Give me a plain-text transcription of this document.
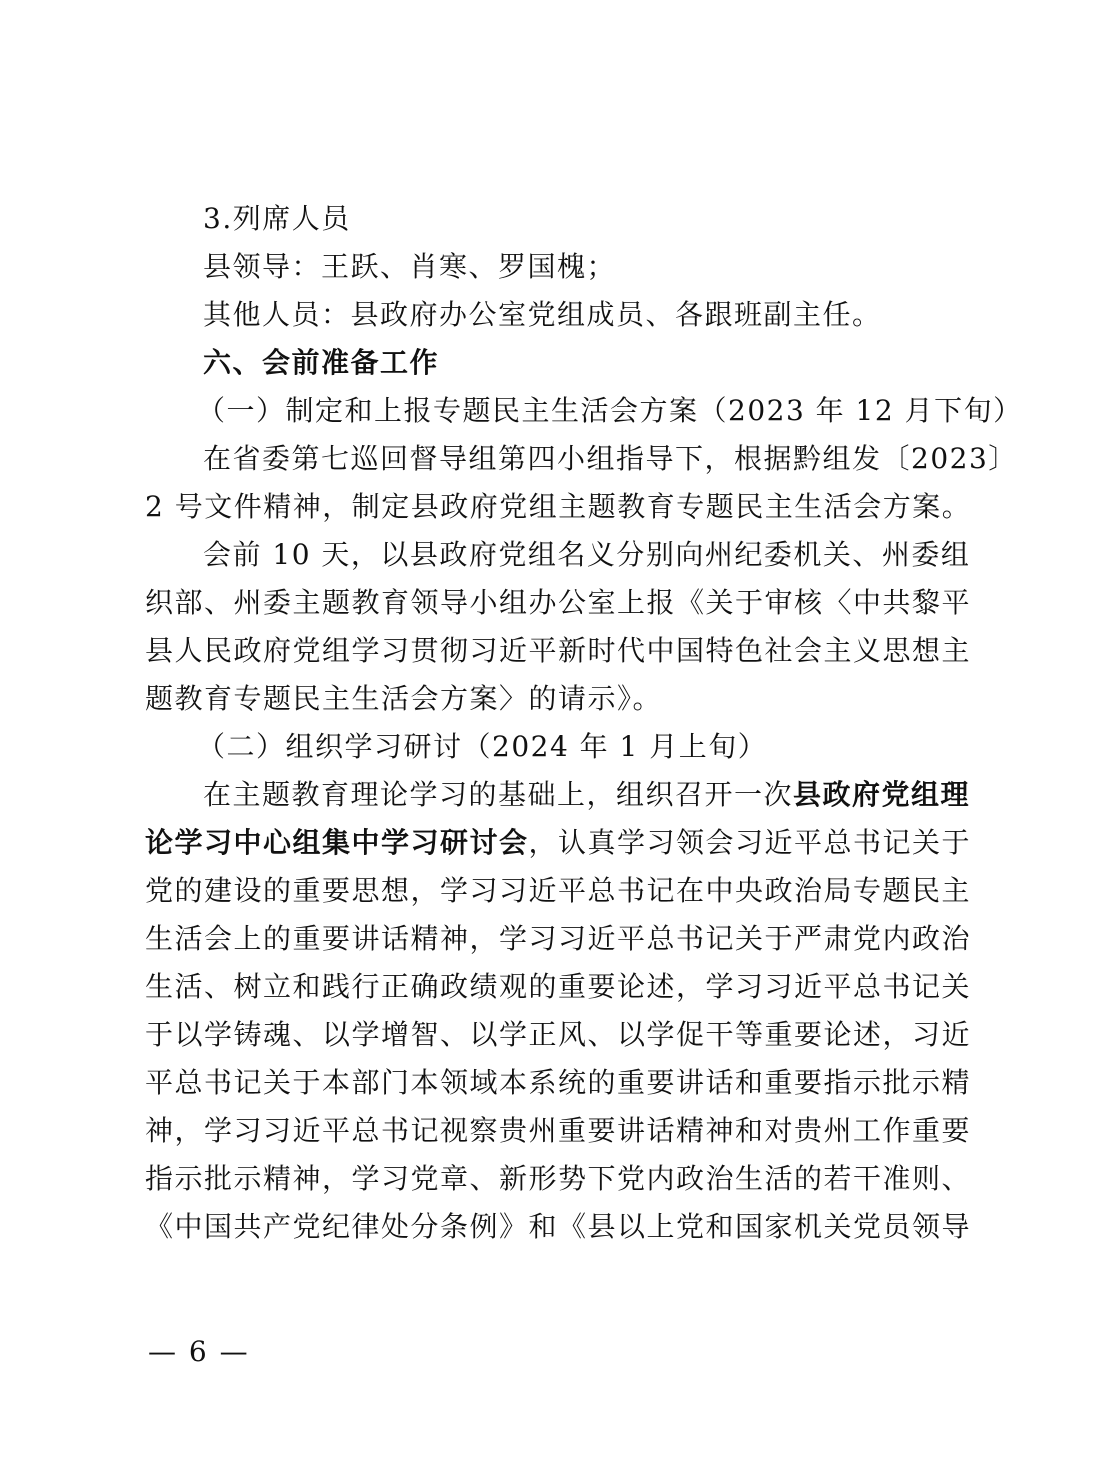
3.列席人员
县领导：王跃、肖寒、罗国槐；
其他人员：县政府办公室党组成员、各跟班副主任。
六、会前准备工作
（一）制定和上报专题民主生活会方案（2023 年 12 月下旬）
在省委第七巡回督导组第四小组指导下，根据黔组发〔2023〕
2 号文件精神，制定县政府党组主题教育专题民主生活会方案。
会前 10 天，以县政府党组名义分别向州纪委机关、州委组
织部、州委主题教育领导小组办公室上报《关于审核〈中共黎平
县人民政府党组学习贯彻习近平新时代中国特色社会主义思想主
题教育专题民主生活会方案〉的请示》。
（二）组织学习研讨（2024 年 1 月上旬）
在主题教育理论学习的基础上，组织召开一次县政府党组理
论学习中心组集中学习研讨会，认真学习领会习近平总书记关于
党的建设的重要思想，学习习近平总书记在中央政治局专题民主
生活会上的重要讲话精神，学习习近平总书记关于严肃党内政治
生活、树立和践行正确政绩观的重要论述，学习习近平总书记关
于以学铸魂、以学增智、以学正风、以学促干等重要论述，习近
平总书记关于本部门本领域本系统的重要讲话和重要指示批示精
神，学习习近平总书记视察贵州重要讲话精神和对贵州工作重要
指示批示精神，学习党章、新形势下党内政治生活的若干准则、
《中国共产党纪律处分条例》和《县以上党和国家机关党员领导
— 6 —
